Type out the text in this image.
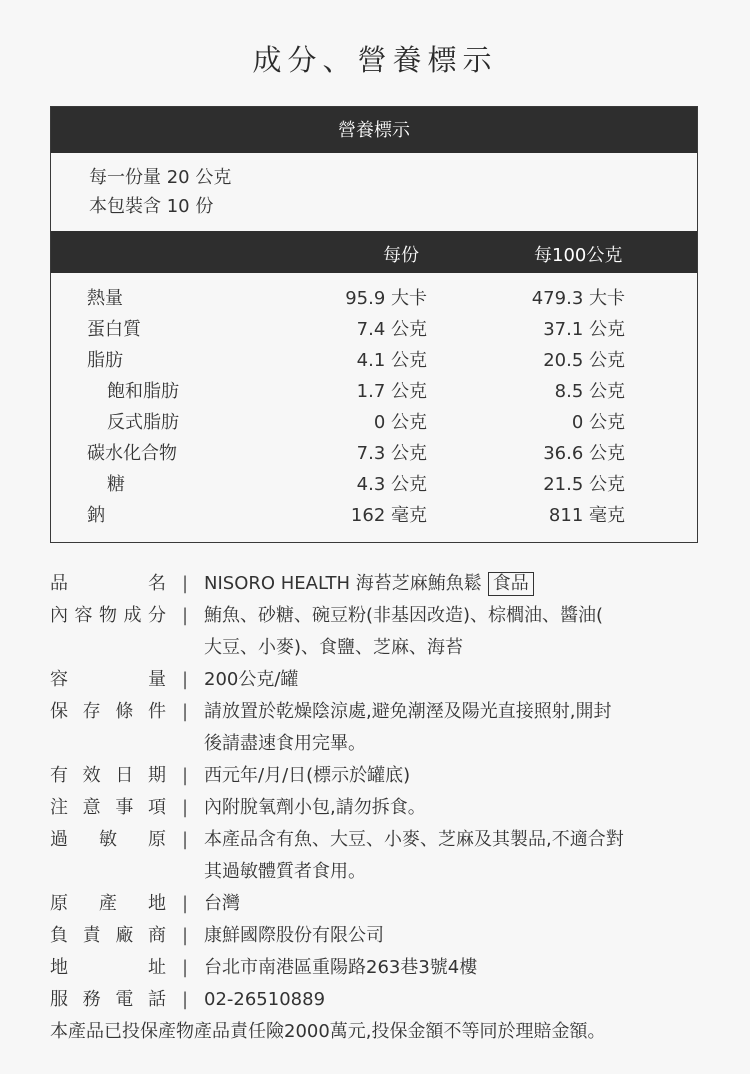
成分、營養標示
營養標示
每一份量 20 公克
本包裝含 10 份
每份	每100公克
熱量	95.9 大卡	479.3 大卡
蛋白質	7.4 公克	37.1 公克
脂肪	4.1 公克	20.5 公克
飽和脂肪	1.7 公克	8.5 公克
反式脂肪	0 公克	0 公克
碳水化合物	7.3 公克	36.6 公克
糖	4.3 公克	21.5 公克
鈉	162 毫克	811 毫克
品	名 | NISORO HEALTH 海苔芝麻鮪魚鬆 食品
內 容 物 成 分 | 鮪魚、砂糖、碗豆粉(非基因改造)、棕櫚油、醬油(
大豆、小麥)、食鹽、芝麻、海苔
容	量 | 200公克/罐
保 存 條 件 | 請放置於乾燥陰涼處,避免潮溼及陽光直接照射,開封
後請盡速食用完畢。
有 效 日 期 | 西元年/月/日(標示於罐底)
注 意 事 項 | 內附脫氧劑小包,請勿拆食。
過 敏 原 | 本產品含有魚、大豆、小麥、芝麻及其製品,不適合對
其過敏體質者食用。
原 產 地 | 台灣
負 責 廠 商 | 康鮮國際股份有限公司
地	址 | 台北市南港區重陽路263巷3號4樓
服 務 電 話 | 02-26510889
本產品已投保產物產品責任險2000萬元,投保金額不等同於理賠金額。
